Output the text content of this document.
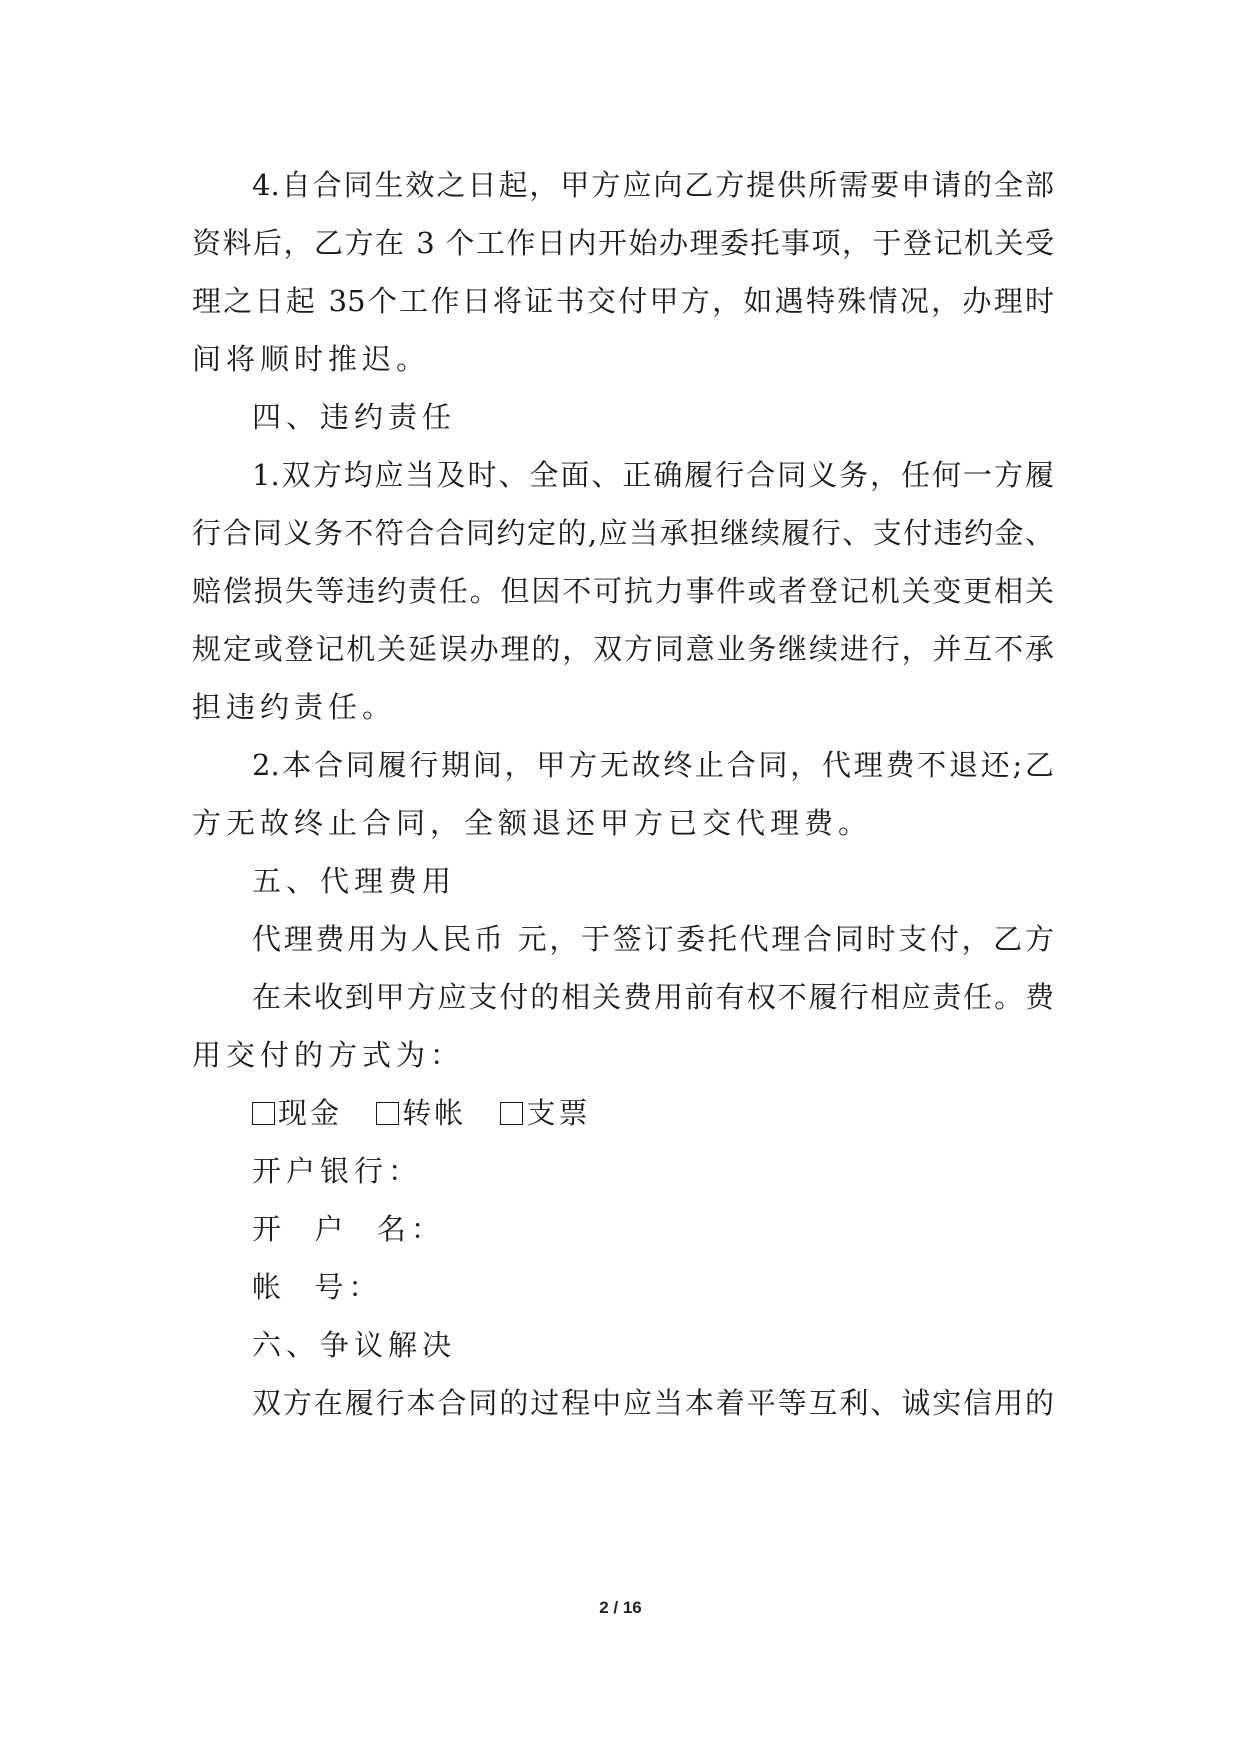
4.自合同生效之日起，甲方应向乙方提供所需要申请的全部
资料后，乙方在 3 个工作日内开始办理委托事项，于登记机关受
理之日起 35个工作日将证书交付甲方，如遇特殊情况，办理时
间将顺时推迟。
四、违约责任
1.双方均应当及时、全面、正确履行合同义务，任何一方履
行合同义务不符合合同约定的,应当承担继续履行、支付违约金、
赔偿损失等违约责任。但因不可抗力事件或者登记机关变更相关
规定或登记机关延误办理的，双方同意业务继续进行，并互不承
担违约责任。
2.本合同履行期间，甲方无故终止合同，代理费不退还;乙
方无故终止合同，全额退还甲方已交代理费。
五、代理费用
代理费用为人民币 元，于签订委托代理合同时支付，乙方
在未收到甲方应支付的相关费用前有权不履行相应责任。费
用交付的方式为：
现金 转帐 支票
开户银行：
开  户  名：
帐  号：
六、争议解决
双方在履行本合同的过程中应当本着平等互利、诚实信用的
2 / 16
